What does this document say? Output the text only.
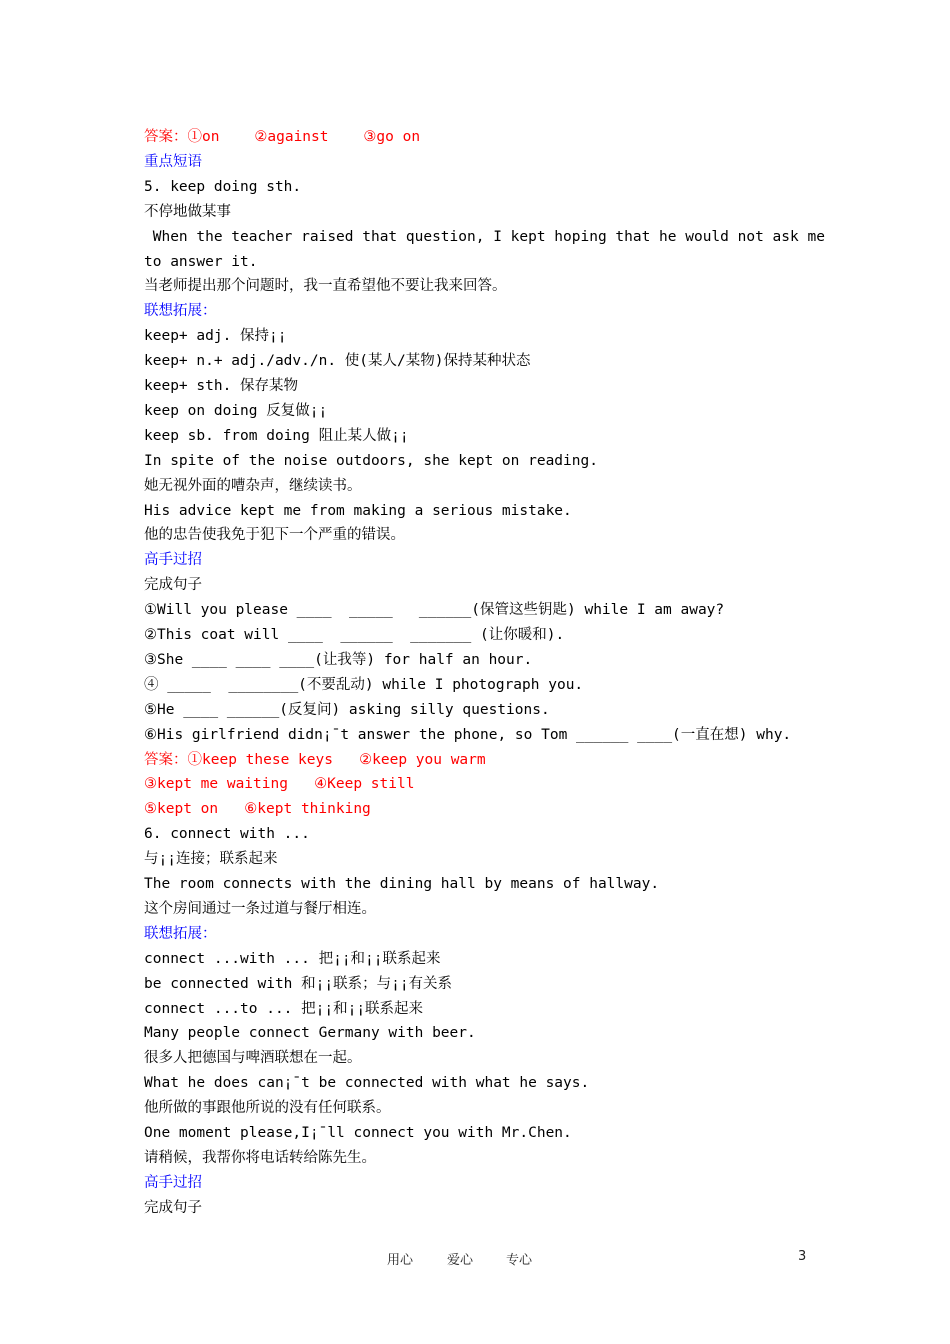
答案：①on    ②against    ③go on
重点短语
5. keep doing sth.
不停地做某事
When the teacher raised that question, I kept hoping that he would not ask me
to answer it.
当老师提出那个问题时，我一直希望他不要让我来回答。
联想拓展：
keep+ adj. 保持¡¡
keep+ n.+ adj./adv./n. 使(某人/某物)保持某种状态
keep+ sth. 保存某物
keep on doing 反复做¡¡
keep sb. from doing 阻止某人做¡¡
In spite of the noise outdoors, she kept on reading.
她无视外面的嘈杂声，继续读书。
His advice kept me from making a serious mistake.
他的忠告使我免于犯下一个严重的错误。
高手过招
完成句子
①Will you please ____  _____   ______(保管这些钥匙) while I am away?
②This coat will ____  ______  _______ (让你暖和).
③She ____ ____ ____(让我等) for half an hour.
④ _____  ________(不要乱动) while I photograph you.
⑤He ____ ______(反复问) asking silly questions.
⑥His girlfriend didn¡¯t answer the phone, so Tom ______ ____(一直在想) why.
答案：①keep these keys   ②keep you warm
③kept me waiting   ④Keep still
⑤kept on   ⑥kept thinking
6. connect with ...
与¡¡连接；联系起来
The room connects with the dining hall by means of hallway.
这个房间通过一条过道与餐厅相连。
联想拓展：
connect ...with ... 把¡¡和¡¡联系起来
be connected with 和¡¡联系；与¡¡有关系
connect ...to ... 把¡¡和¡¡联系起来
Many people connect Germany with beer.
很多人把德国与啤酒联想在一起。
What he does can¡¯t be connected with what he says.
他所做的事跟他所说的没有任何联系。
One moment please,I¡¯ll connect you with Mr.Chen.
请稍候，我帮你将电话转给陈先生。
高手过招
完成句子
用心	爱心	专心	3
